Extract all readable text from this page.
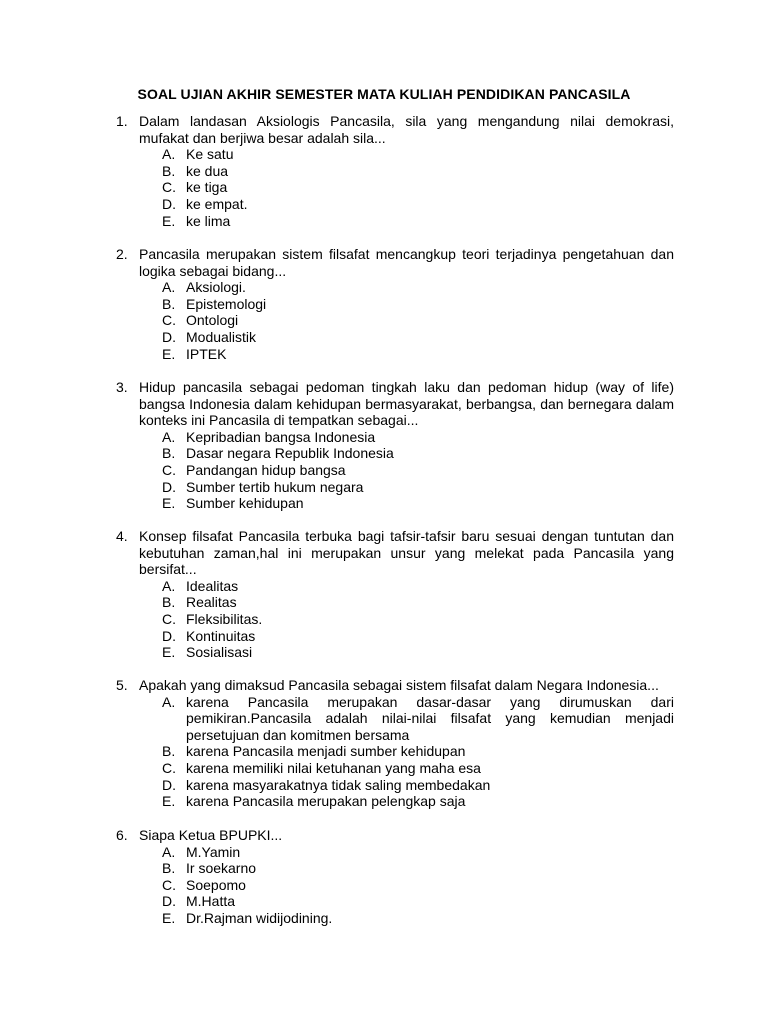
SOAL UJIAN AKHIR SEMESTER MATA KULIAH PENDIDIKAN PANCASILA
1. Dalam landasan Aksiologis Pancasila, sila yang mengandung nilai demokrasi, mufakat dan berjiwa besar adalah sila...
A. Ke satu
B. ke dua
C. ke tiga
D. ke empat.
E. ke lima
2. Pancasila merupakan sistem filsafat mencangkup teori terjadinya pengetahuan dan logika sebagai bidang...
A. Aksiologi.
B. Epistemologi
C. Ontologi
D. Modualistik
E. IPTEK
3. Hidup pancasila sebagai pedoman tingkah laku dan pedoman hidup (way of life) bangsa Indonesia dalam kehidupan bermasyarakat, berbangsa, dan bernegara dalam konteks ini Pancasila di tempatkan sebagai...
A. Kepribadian bangsa Indonesia
B. Dasar negara Republik Indonesia
C. Pandangan hidup bangsa
D. Sumber tertib hukum negara
E. Sumber kehidupan
4. Konsep filsafat Pancasila terbuka bagi tafsir-tafsir baru sesuai dengan tuntutan dan kebutuhan zaman,hal ini merupakan unsur yang melekat pada Pancasila yang bersifat...
A. Idealitas
B. Realitas
C. Fleksibilitas.
D. Kontinuitas
E. Sosialisasi
5. Apakah yang dimaksud Pancasila sebagai sistem filsafat dalam Negara Indonesia...
A. karena Pancasila merupakan dasar-dasar yang dirumuskan dari pemikiran.Pancasila adalah nilai-nilai filsafat yang kemudian menjadi persetujuan dan komitmen bersama
B. karena Pancasila menjadi sumber kehidupan
C. karena memiliki nilai ketuhanan yang maha esa
D. karena masyarakatnya tidak saling membedakan
E. karena Pancasila merupakan pelengkap saja
6. Siapa Ketua BPUPKI...
A. M.Yamin
B. Ir soekarno
C. Soepomo
D. M.Hatta
E. Dr.Rajman widijodining.
